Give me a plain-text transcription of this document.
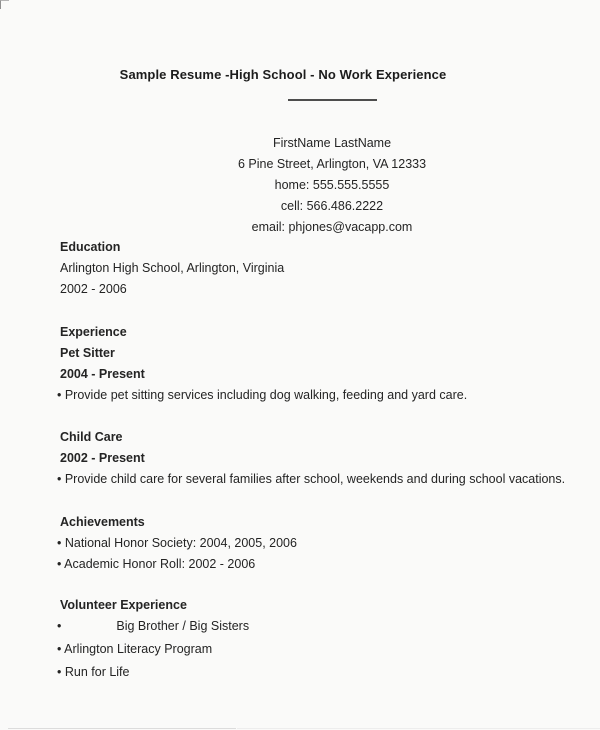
Sample Resume -High School - No Work Experience
FirstName LastName
6 Pine Street, Arlington, VA 12333
home: 555.555.5555
cell: 566.486.2222
email: phjones@vacapp.com
Education
Arlington High School, Arlington, Virginia
2002 - 2006
Experience
Pet Sitter
2004 - Present
• Provide pet sitting services including dog walking, feeding and yard care.
Child Care
2002 - Present
• Provide child care for several families after school, weekends and during school vacations.
Achievements
• National Honor Society: 2004, 2005, 2006
• Academic Honor Roll: 2002 - 2006
Volunteer Experience
•	Big Brother / Big Sisters
• Arlington Literacy Program
• Run for Life
